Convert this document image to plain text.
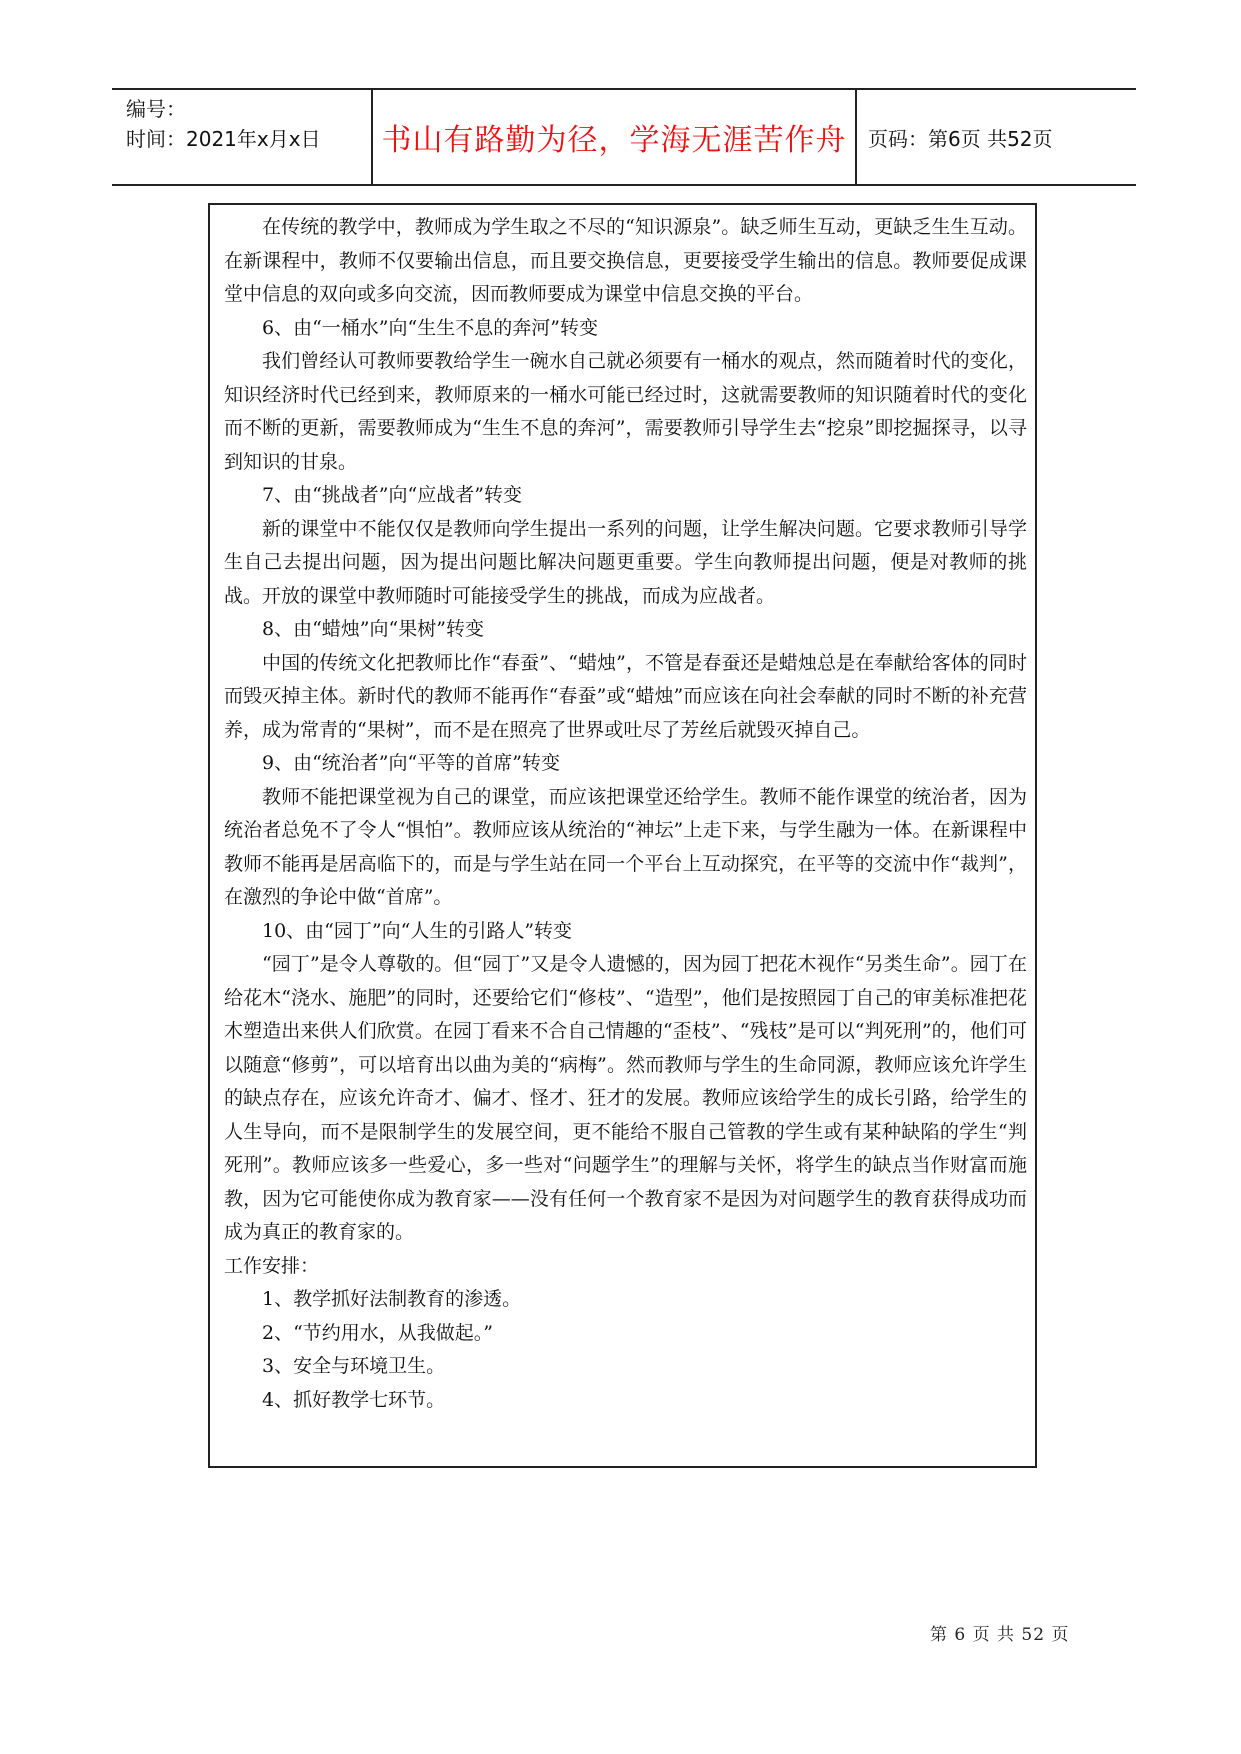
编号：
时间：2021年x月x日	书山有路勤为径，学海无涯苦作舟	页码：第6页 共52页

在传统的教学中，教师成为学生取之不尽的“知识源泉”。缺乏师生互动，更缺乏生生互动。在新课程中，教师不仅要输出信息，而且要交换信息，更要接受学生输出的信息。教师要促成课堂中信息的双向或多向交流，因而教师要成为课堂中信息交换的平台。

6、由“一桶水”向“生生不息的奔河”转变

我们曾经认可教师要教给学生一碗水自己就必须要有一桶水的观点，然而随着时代的变化，知识经济时代已经到来，教师原来的一桶水可能已经过时，这就需要教师的知识随着时代的变化而不断的更新，需要教师成为“生生不息的奔河”，需要教师引导学生去“挖泉”即挖掘探寻，以寻到知识的甘泉。

7、由“挑战者”向“应战者”转变

新的课堂中不能仅仅是教师向学生提出一系列的问题，让学生解决问题。它要求教师引导学生自己去提出问题，因为提出问题比解决问题更重要。学生向教师提出问题，便是对教师的挑战。开放的课堂中教师随时可能接受学生的挑战，而成为应战者。

8、由“蜡烛”向“果树”转变

中国的传统文化把教师比作“春蚕”、“蜡烛”，不管是春蚕还是蜡烛总是在奉献给客体的同时而毁灭掉主体。新时代的教师不能再作“春蚕”或“蜡烛”而应该在向社会奉献的同时不断的补充营养，成为常青的“果树”，而不是在照亮了世界或吐尽了芳丝后就毁灭掉自己。

9、由“统治者”向“平等的首席”转变

教师不能把课堂视为自己的课堂，而应该把课堂还给学生。教师不能作课堂的统治者，因为统治者总免不了令人“惧怕”。教师应该从统治的“神坛”上走下来，与学生融为一体。在新课程中教师不能再是居高临下的，而是与学生站在同一个平台上互动探究，在平等的交流中作“裁判”，在激烈的争论中做“首席”。

10、由“园丁”向“人生的引路人”转变

“园丁”是令人尊敬的。但“园丁”又是令人遗憾的，因为园丁把花木视作“另类生命”。园丁在给花木“浇水、施肥”的同时，还要给它们“修枝”、“造型”，他们是按照园丁自己的审美标准把花木塑造出来供人们欣赏。在园丁看来不合自己情趣的“歪枝”、“残枝”是可以“判死刑”的，他们可以随意“修剪”，可以培育出以曲为美的“病梅”。然而教师与学生的生命同源，教师应该允许学生的缺点存在，应该允许奇才、偏才、怪才、狂才的发展。教师应该给学生的成长引路，给学生的人生导向，而不是限制学生的发展空间，更不能给不服自己管教的学生或有某种缺陷的学生“判死刑”。教师应该多一些爱心，多一些对“问题学生”的理解与关怀，将学生的缺点当作财富而施教，因为它可能使你成为教育家——没有任何一个教育家不是因为对问题学生的教育获得成功而成为真正的教育家的。

工作安排：

1、教学抓好法制教育的渗透。

2、“节约用水，从我做起。”

3、安全与环境卫生。

4、抓好教学七环节。

第 6 页 共 52 页
